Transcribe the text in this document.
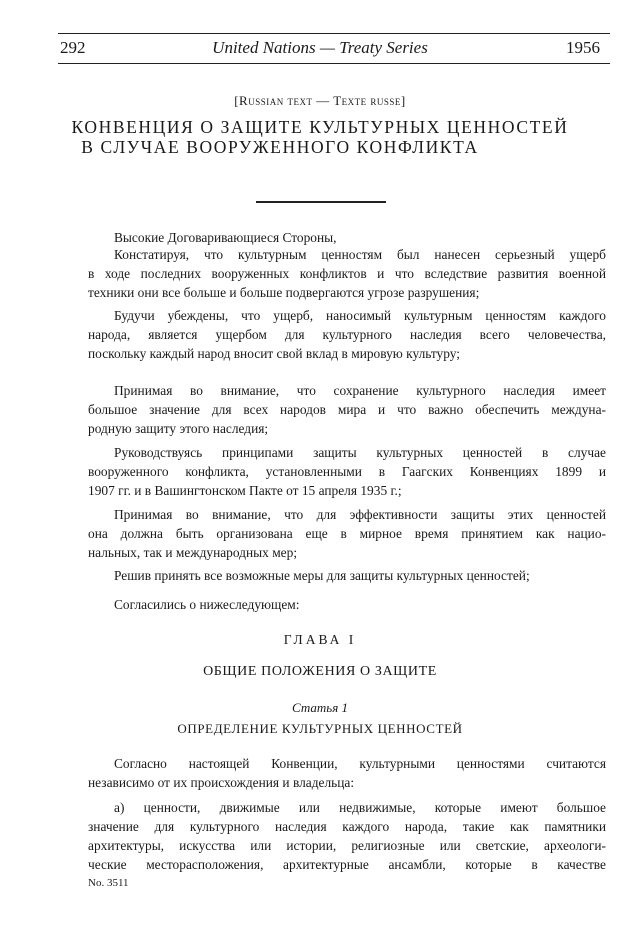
292	United Nations — Treaty Series	1956
[Russian text — Texte russe]
КОНВЕНЦИЯ О ЗАЩИТЕ КУЛЬТУРНЫХ ЦЕННОСТЕЙ
В СЛУЧАЕ ВООРУЖЕННОГО КОНФЛИКТА
Высокие Договаривающиеся Стороны,
Констатируя, что культурным ценностям был нанесен серьезный ущерб
в ходе последних вооруженных конфликтов и что вследствие развития военной
техники они все больше и больше подвергаются угрозе разрушения;
Будучи убеждены, что ущерб, наносимый культурным ценностям каждого
народа, является ущербом для культурного наследия всего человечества,
поскольку каждый народ вносит свой вклад в мировую культуру;
Принимая во внимание, что сохранение культурного наследия имеет
большое значение для всех народов мира и что важно обеспечить междуна-
родную защиту этого наследия;
Руководствуясь принципами защиты культурных ценностей в случае
вооруженного конфликта, установленными в Гаагских Конвенциях 1899 и
1907 гг. и в Вашингтонском Пакте от 15 апреля 1935 г.;
Принимая во внимание, что для эффективности защиты этих ценностей
она должна быть организована еще в мирное время принятием как нацио-
нальных, так и международных мер;
Решив принять все возможные меры для защиты культурных ценностей;
Согласились о нижеследующем:
ГЛАВА I
ОБЩИЕ ПОЛОЖЕНИЯ О ЗАЩИТЕ
Статья 1
ОПРЕДЕЛЕНИЕ КУЛЬТУРНЫХ ЦЕННОСТЕЙ
Согласно настоящей Конвенции, культурными ценностями считаются
независимо от их происхождения и владельца:
а) ценности, движимые или недвижимые, которые имеют большое
значение для культурного наследия каждого народа, такие как памятники
архитектуры, искусства или истории, религиозные или светские, археологи-
ческие месторасположения, архитектурные ансамбли, которые в качестве
No. 3511
